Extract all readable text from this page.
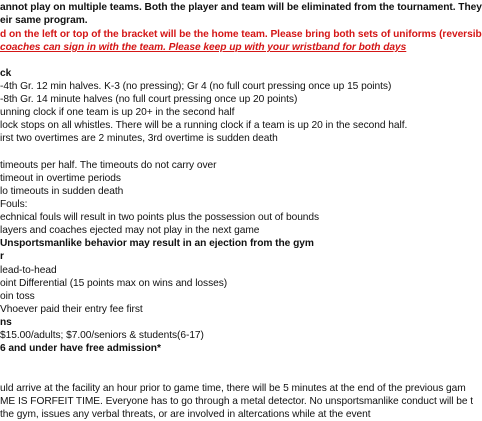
annot play on multiple teams. Both the player and team will be eliminated from the tournament. They
eir same program.
d on the left or top of the bracket will be the home team. Please bring both sets of uniforms (reversib
coaches can sign in with the team. Please keep up with your wristband for both days
ck
-4th Gr. 12 min halves. K-3 (no pressing); Gr 4 (no full court pressing once up 15 points)
-8th Gr. 14 minute halves (no full court pressing once up 20 points)
unning clock if one team is up 20+ in the second half
lock stops on all whistles. There will be a running clock if a team is up 20 in the second half.
irst two overtimes are 2 minutes, 3rd overtime is sudden death
timeouts per half. The timeouts do not carry over
timeout in overtime periods
lo timeouts in sudden death
Fouls:
echnical fouls will result in two points plus the possession out of bounds
layers and coaches ejected may not play in the next game
Unsportsmanlike behavior may result in an ejection from the gym
r
lead-to-head
oint Differential (15 points max on wins and losses)
oin toss
Vhoever paid their entry fee first
ns
$15.00/adults; $7.00/seniors & students(6-17)
6 and under have free admission*
uld arrive at the facility an hour prior to game time, there will be 5 minutes at the end of the previous gam
ME IS FORFEIT TIME. Everyone has to go through a metal detector. No unsportsmanlike conduct will be t
the gym, issues any verbal threats, or are involved in altercations while at the event
